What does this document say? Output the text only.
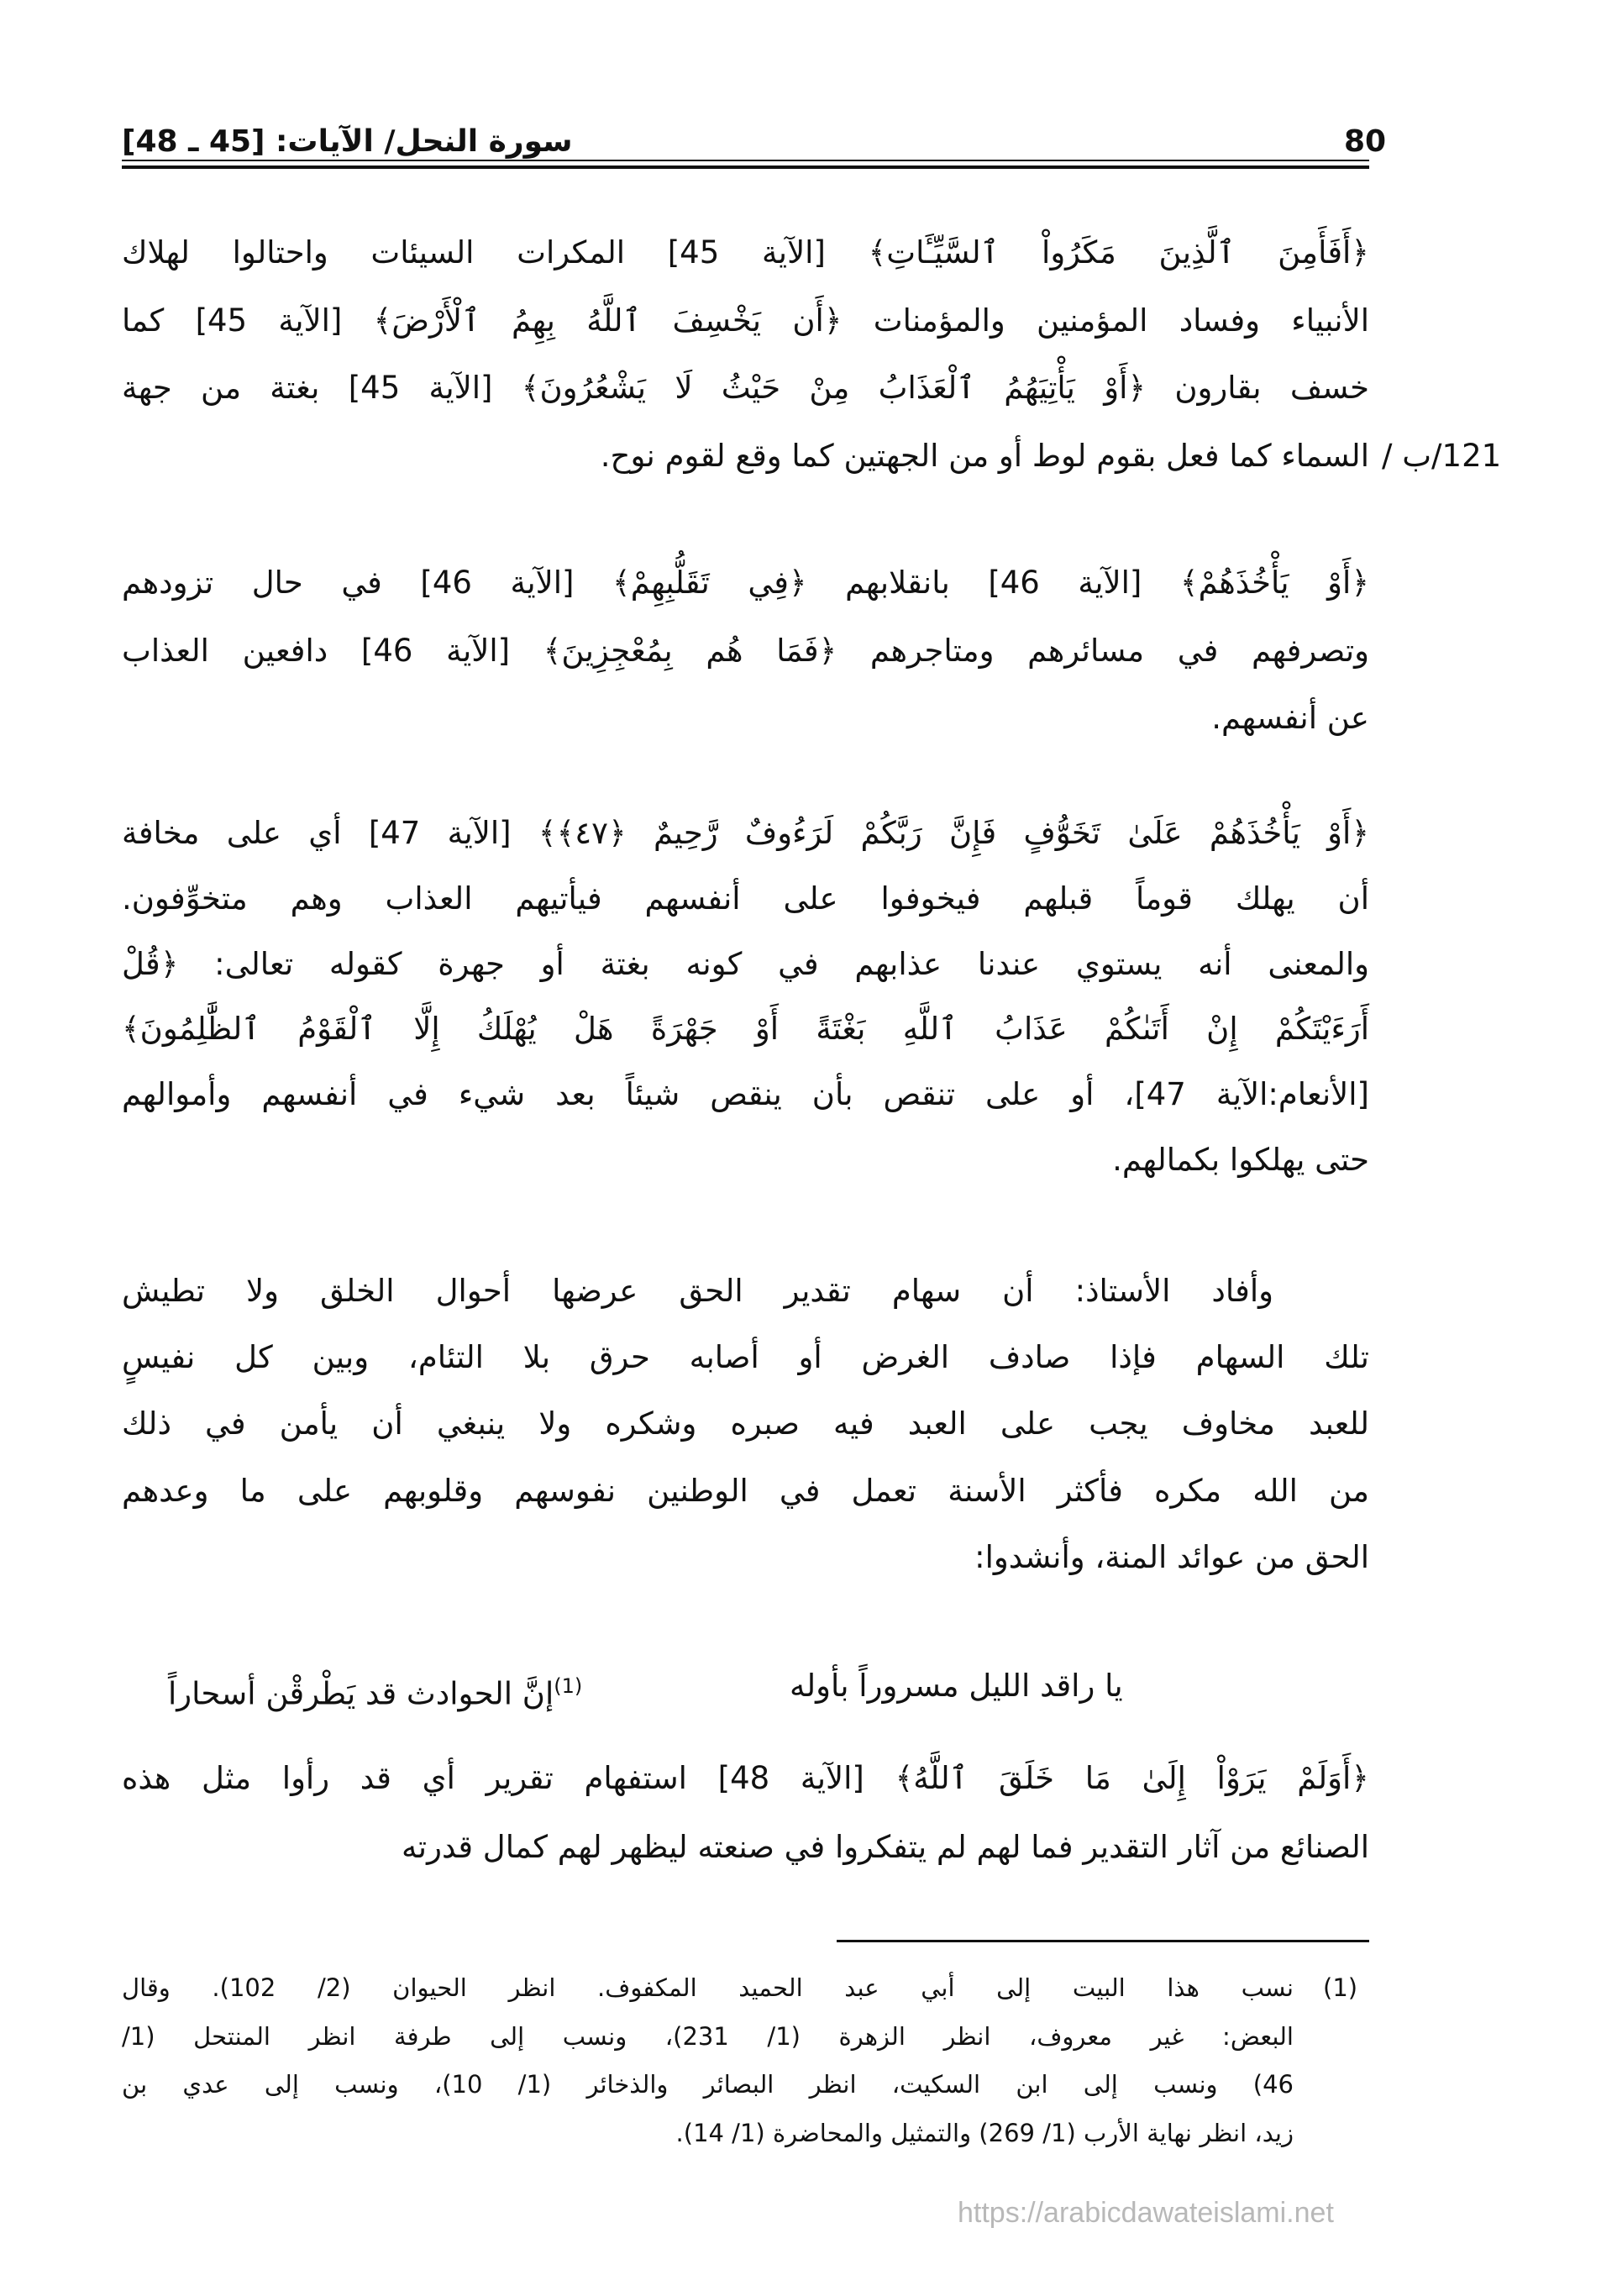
80
سورة النحل/ الآيات: [45 ـ 48]
﴿أَفَأَمِنَ ٱلَّذِينَ مَكَرُواْ ٱلسَّيِّـَٔاتِ﴾ [الآية 45] المكرات السيئات واحتالوا لهلاك
الأنبياء وفساد المؤمنين والمؤمنات ﴿أَن يَخْسِفَ ٱللَّهُ بِهِمُ ٱلْأَرْضَ﴾ [الآية 45] كما
خسف بقارون ﴿أَوْ يَأْتِيَهُمُ ٱلْعَذَابُ مِنْ حَيْثُ لَا يَشْعُرُونَ﴾ [الآية 45] بغتة من جهة
السماء كما فعل بقوم لوط أو من الجهتين كما وقع لقوم نوح. 121/ب /
﴿أَوْ يَأْخُذَهُمْ﴾ [الآية 46] بانقلابهم ﴿فِي تَقَلُّبِهِمْ﴾ [الآية 46] في حال تزودهم
وتصرفهم في مسائرهم ومتاجرهم ﴿فَمَا هُم بِمُعْجِزِينَ﴾ [الآية 46] دافعين العذاب
عن أنفسهم.
﴿أَوْ يَأْخُذَهُمْ عَلَىٰ تَخَوُّفٍ فَإِنَّ رَبَّكُمْ لَرَءُوفٌ رَّحِيمٌ ﴿٤٧﴾﴾ [الآية 47] أي على مخافة
أن يهلك قوماً قبلهم فيخوفوا على أنفسهم فيأتيهم العذاب وهم متخوِّفون.
والمعنى أنه يستوي عندنا عذابهم في كونه بغتة أو جهرة كقوله تعالى: ﴿قُلْ
أَرَءَيْتَكُمْ إِنْ أَتَىٰكُمْ عَذَابُ ٱللَّهِ بَغْتَةً أَوْ جَهْرَةً هَلْ يُهْلَكُ إِلَّا ٱلْقَوْمُ ٱلظَّٰلِمُونَ﴾
[الأنعام:الآية 47]، أو على تنقص بأن ينقص شيئاً بعد شيء في أنفسهم وأموالهم
حتى يهلكوا بكمالهم.
وأفاد الأستاذ: أن سهام تقدير الحق عرضها أحوال الخلق ولا تطيش
تلك السهام فإذا صادف الغرض أو أصابه حرق بلا التئام، وبين كل نفيسٍ
للعبد مخاوف يجب على العبد فيه صبره وشكره ولا ينبغي أن يأمن في ذلك
من الله مكره فأكثر الأسنة تعمل في الوطنين نفوسهم وقلوبهم على ما وعدهم
الحق من عوائد المنة، وأنشدوا:
﴿أَوَلَمْ يَرَوْاْ إِلَىٰ مَا خَلَقَ ٱللَّهُ﴾ [الآية 48] استفهام تقرير أي قد رأوا مثل هذه
الصنائع من آثار التقدير فما لهم لم يتفكروا في صنعته ليظهر لهم كمال قدرته
$^{(1)}$إنَّ الحوادث قد يَطْرقْن أسحاراً	يا راقد الليل مسروراً بأوله
(1)
نسب هذا البيت إلى أبي عبد الحميد المكفوف. انظر الحيوان (2/ 102). وقال
البعض: غير معروف، انظر الزهرة (1/ 231)، ونسب إلى طرفة انظر المنتحل (1/
46) ونسب إلى ابن السكيت، انظر البصائر والذخائر (1/ 10)، ونسب إلى عدي بن
زيد، انظر نهاية الأرب (1/ 269) والتمثيل والمحاضرة (1/ 14).
https://arabicdawateislami.net
